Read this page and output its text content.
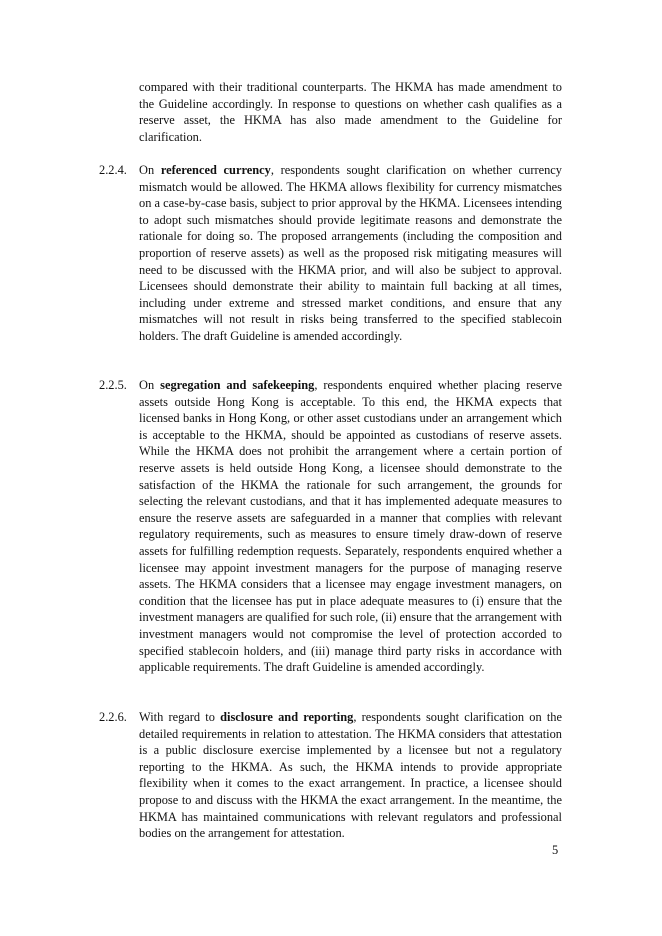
compared with their traditional counterparts. The HKMA has made amendment to the Guideline accordingly. In response to questions on whether cash qualifies as a reserve asset, the HKMA has also made amendment to the Guideline for clarification.
2.2.4. On referenced currency, respondents sought clarification on whether currency mismatch would be allowed. The HKMA allows flexibility for currency mismatches on a case-by-case basis, subject to prior approval by the HKMA. Licensees intending to adopt such mismatches should provide legitimate reasons and demonstrate the rationale for doing so. The proposed arrangements (including the composition and proportion of reserve assets) as well as the proposed risk mitigating measures will need to be discussed with the HKMA prior, and will also be subject to approval. Licensees should demonstrate their ability to maintain full backing at all times, including under extreme and stressed market conditions, and ensure that any mismatches will not result in risks being transferred to the specified stablecoin holders. The draft Guideline is amended accordingly.
2.2.5. On segregation and safekeeping, respondents enquired whether placing reserve assets outside Hong Kong is acceptable. To this end, the HKMA expects that licensed banks in Hong Kong, or other asset custodians under an arrangement which is acceptable to the HKMA, should be appointed as custodians of reserve assets. While the HKMA does not prohibit the arrangement where a certain portion of reserve assets is held outside Hong Kong, a licensee should demonstrate to the satisfaction of the HKMA the rationale for such arrangement, the grounds for selecting the relevant custodians, and that it has implemented adequate measures to ensure the reserve assets are safeguarded in a manner that complies with relevant regulatory requirements, such as measures to ensure timely draw-down of reserve assets for fulfilling redemption requests. Separately, respondents enquired whether a licensee may appoint investment managers for the purpose of managing reserve assets. The HKMA considers that a licensee may engage investment managers, on condition that the licensee has put in place adequate measures to (i) ensure that the investment managers are qualified for such role, (ii) ensure that the arrangement with investment managers would not compromise the level of protection accorded to specified stablecoin holders, and (iii) manage third party risks in accordance with applicable requirements. The draft Guideline is amended accordingly.
2.2.6. With regard to disclosure and reporting, respondents sought clarification on the detailed requirements in relation to attestation. The HKMA considers that attestation is a public disclosure exercise implemented by a licensee but not a regulatory reporting to the HKMA. As such, the HKMA intends to provide appropriate flexibility when it comes to the exact arrangement. In practice, a licensee should propose to and discuss with the HKMA the exact arrangement. In the meantime, the HKMA has maintained communications with relevant regulators and professional bodies on the arrangement for attestation.
5
